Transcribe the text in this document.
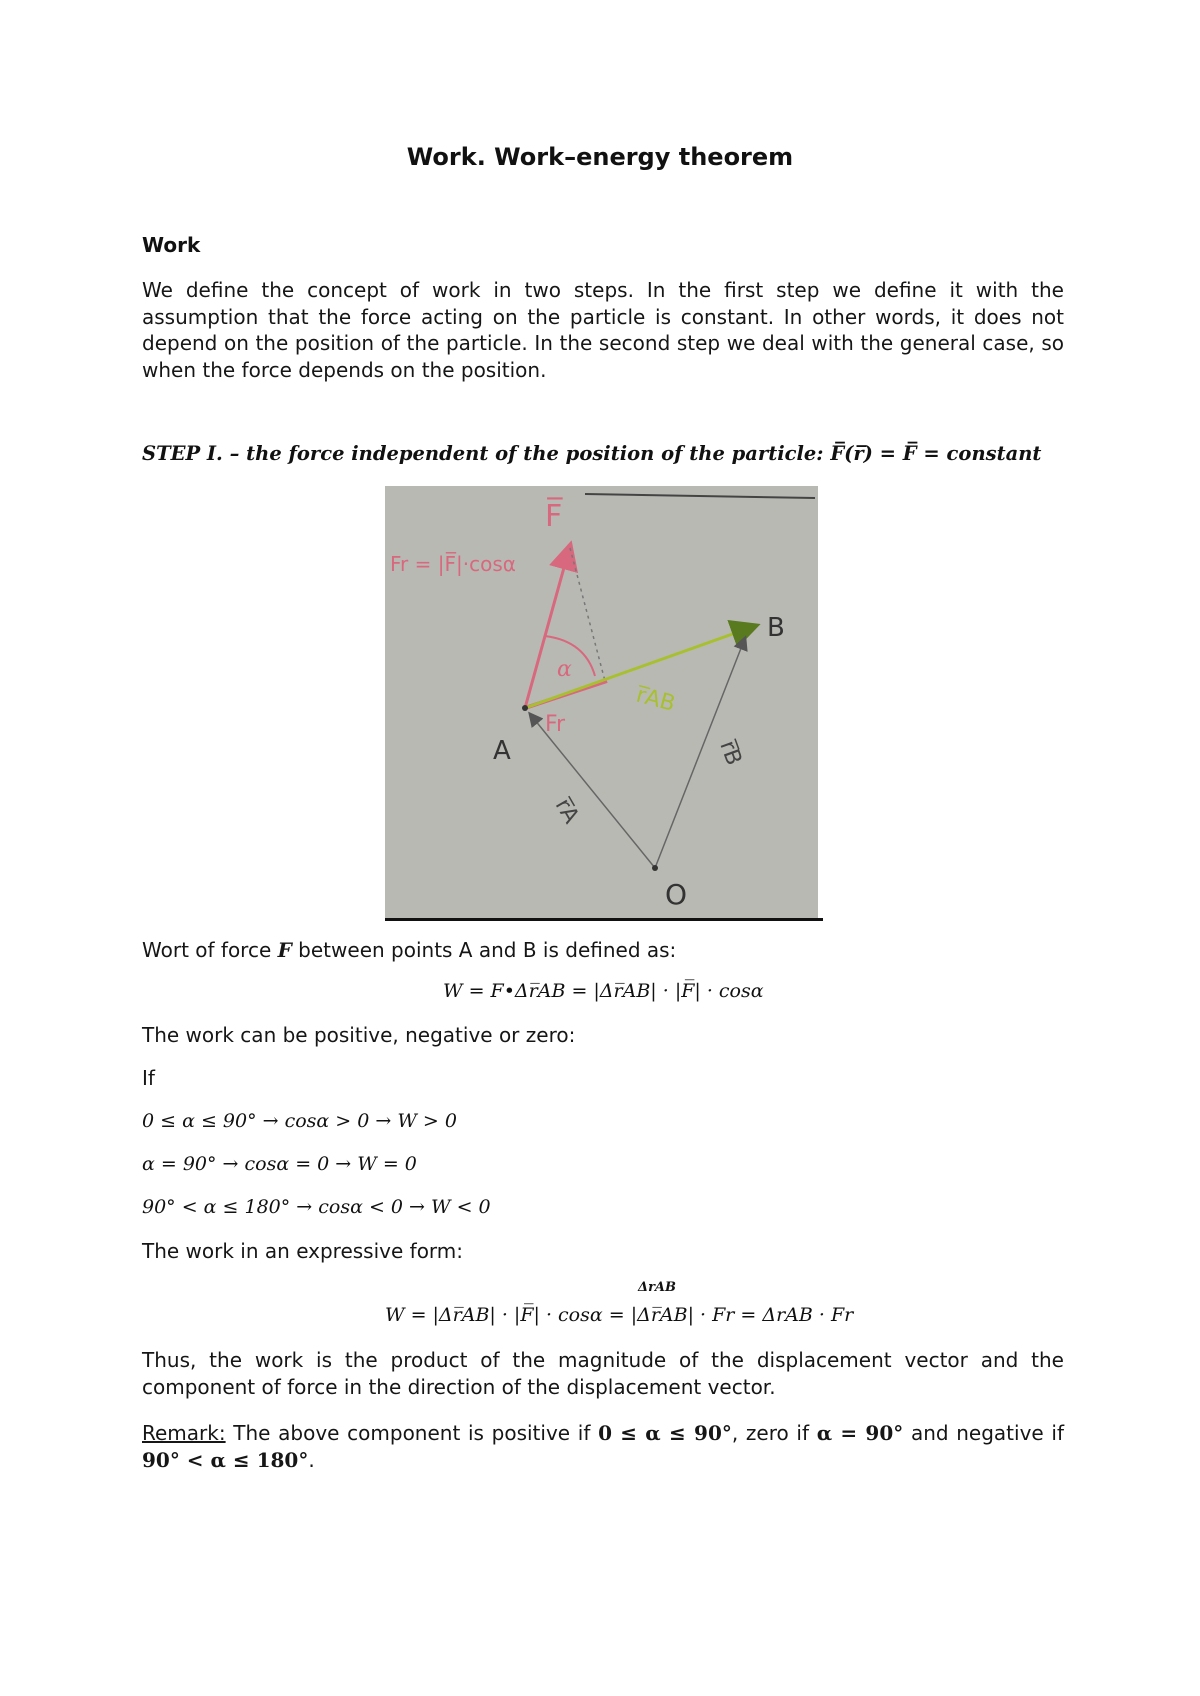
Work. Work–energy theorem
Work
We define the concept of work in two steps. In the first step we define it with the assumption that the force acting on the particle is constant. In other words, it does not depend on the position of the particle. In the second step we deal with the general case, so when the force depends on the position.
STEP I. – the force independent of the position of the particle: F̅(r̅) = F̅ = constant
F̅
Fr = |F̅|·cosα
α
Fr
r̅AB
A
B
r̅B
r̅A
O
Wort of force F between points A and B is defined as:
W = F•Δr̅AB = |Δr̅AB| · |F̅| · cosα
The work can be positive, negative or zero:
If
0 ≤ α ≤ 90° → cosα > 0 → W > 0
α = 90° → cosα = 0 → W = 0
90° < α ≤ 180° → cosα < 0 → W < 0
The work in an expressive form:
ΔrAB
W = |Δr̅AB| · |F̅| · cosα = |Δr̅AB| · Fr = ΔrAB · Fr
Thus, the work is the product of the magnitude of the displacement vector and the component of force in the direction of the displacement vector.
Remark: The above component is positive if 0 ≤ α ≤ 90°, zero if α = 90° and negative if 90° < α ≤ 180°.
